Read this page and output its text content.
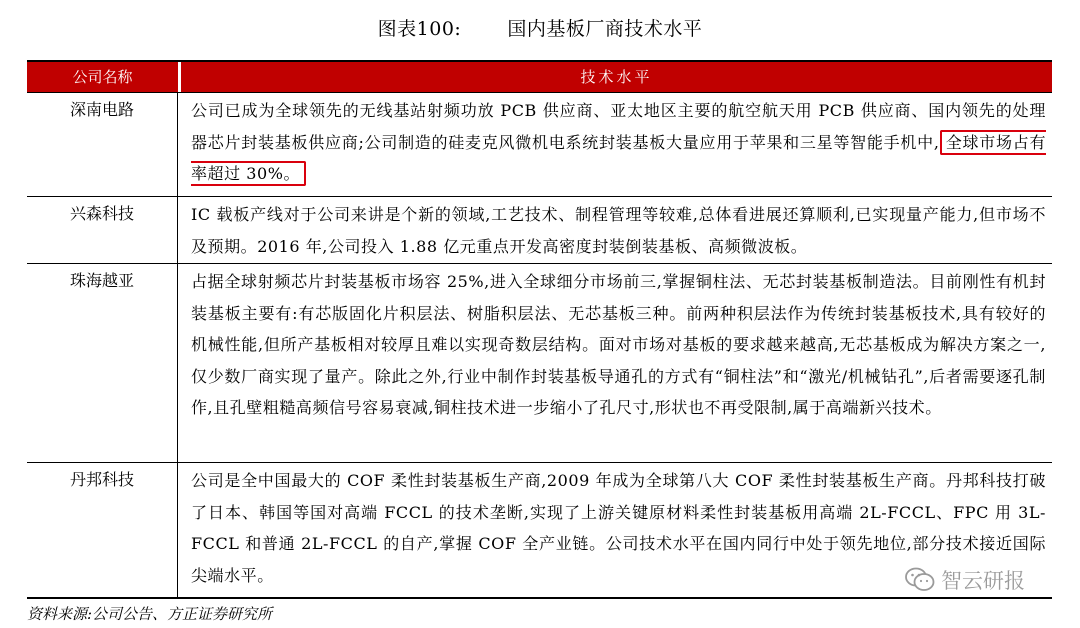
图表100: 国内基板厂商技术水平
公司名称	技术水平
深南电路	公司已成为全球领先的无线基站射频功放 PCB 供应商、亚太地区主要的航空航天用 PCB 供应商、国内领先的处理器芯片封装基板供应商;公司制造的硅麦克风微机电系统封装基板大量应用于苹果和三星等智能手机中, 全球市场占有率超过 30%。
兴森科技	IC 载板产线对于公司来讲是个新的领域,工艺技术、制程管理等较难,总体看进展还算顺利,已实现量产能力,但市场不及预期。2016 年,公司投入 1.88 亿元重点开发高密度封装倒装基板、高频微波板。
珠海越亚	占据全球射频芯片封装基板市场容 25%,进入全球细分市场前三,掌握铜柱法、无芯封装基板制造法。目前刚性有机封装基板主要有:有芯版固化片积层法、树脂积层法、无芯基板三种。前两种积层法作为传统封装基板技术,具有较好的机械性能,但所产基板相对较厚且难以实现奇数层结构。面对市场对基板的要求越来越高,无芯基板成为解决方案之一,仅少数厂商实现了量产。除此之外,行业中制作封装基板导通孔的方式有“铜柱法”和“激光/机械钻孔”,后者需要逐孔制作,且孔壁粗糙高频信号容易衰减,铜柱技术进一步缩小了孔尺寸,形状也不再受限制,属于高端新兴技术。
丹邦科技	公司是全中国最大的 COF 柔性封装基板生产商,2009 年成为全球第八大 COF 柔性封装基板生产商。丹邦科技打破了日本、韩国等国对高端 FCCL 的技术垄断,实现了上游关键原材料柔性封装基板用高端 2L-FCCL、FPC 用 3L-FCCL 和普通 2L-FCCL 的自产,掌握 COF 全产业链。公司技术水平在国内同行中处于领先地位,部分技术接近国际尖端水平。	智云研报
资料来源:公司公告、方正证券研究所
